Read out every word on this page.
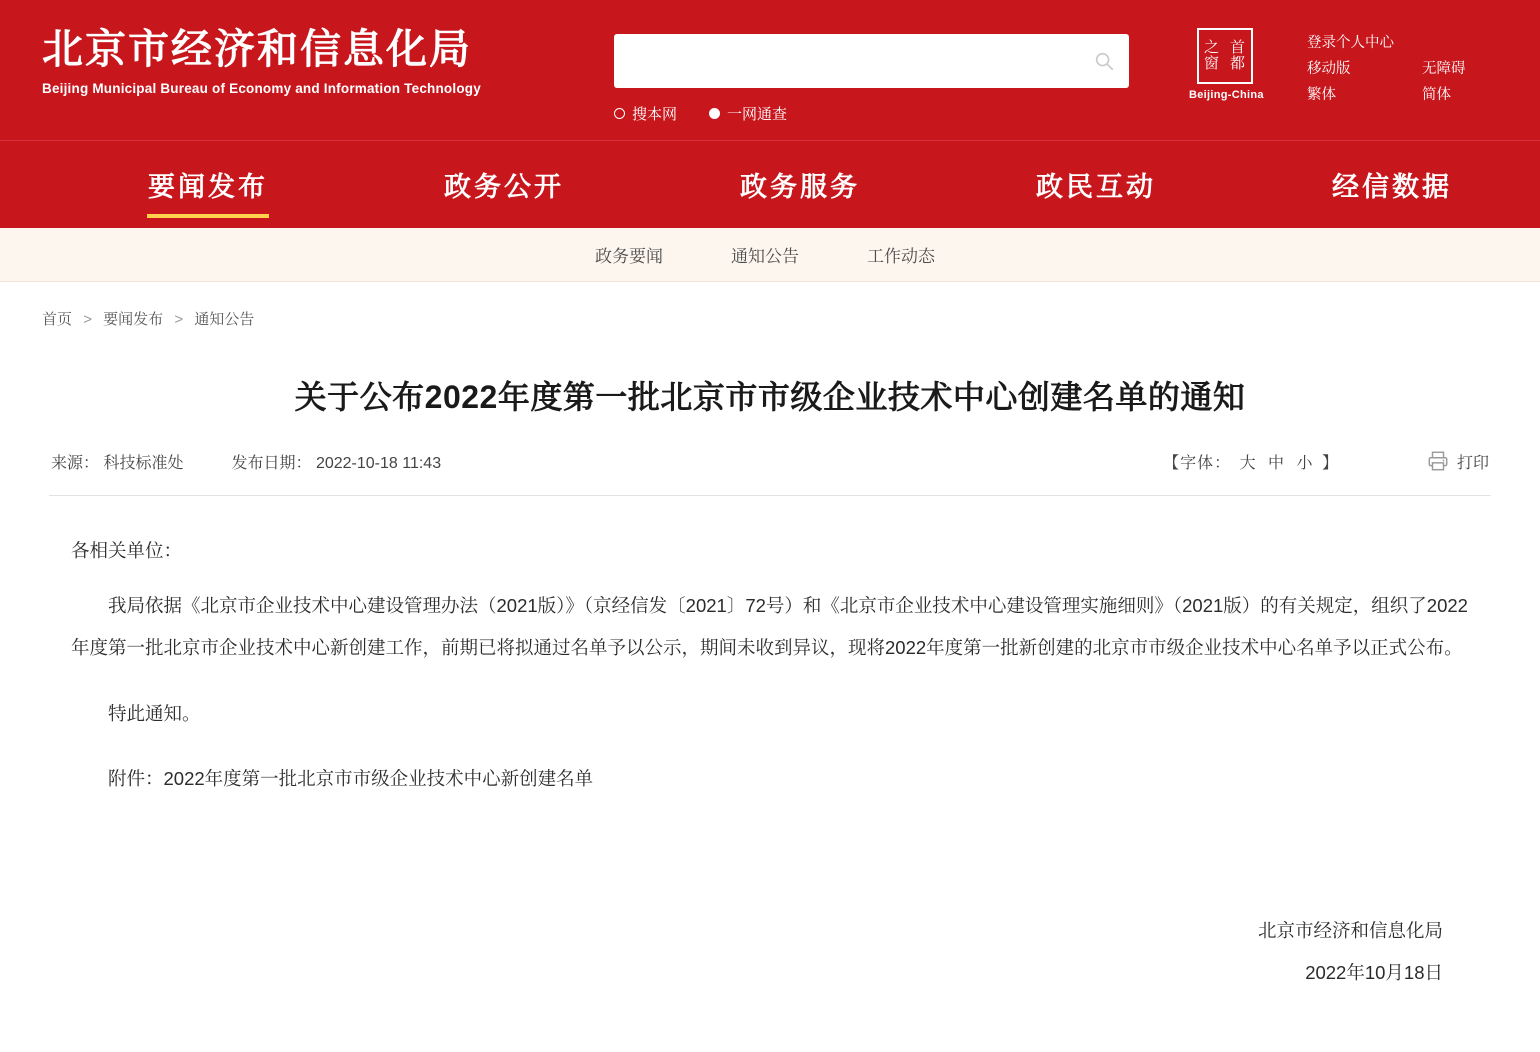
北京市经济和信息化局
Beijing Municipal Bureau of Economy and Information Technology
搜本网	一网通查
之 首
窗 都
Beijing-China
登录个人中心
移动版	无障碍
繁体	简体
要闻发布	政务公开	政务服务	政民互动	经信数据
政务要闻	通知公告	工作动态
首页 > 要闻发布 > 通知公告
关于公布2022年度第一批北京市市级企业技术中心创建名单的通知
来源： 科技标准处	发布日期： 2022-10-18 11:43	【字体： 大 中 小 】	打印

各相关单位：

我局依据《北京市企业技术中心建设管理办法（2021版）》（京经信发〔2021〕72号）和《北京市企业技术中心建设管理实施细则》（2021版）的有关规定，组织了2022年度第一批北京市企业技术中心新创建工作，前期已将拟通过名单予以公示，期间未收到异议，现将2022年度第一批新创建的北京市市级企业技术中心名单予以正式公布。

特此通知。

附件：2022年度第一批北京市市级企业技术中心新创建名单

北京市经济和信息化局
2022年10月18日
